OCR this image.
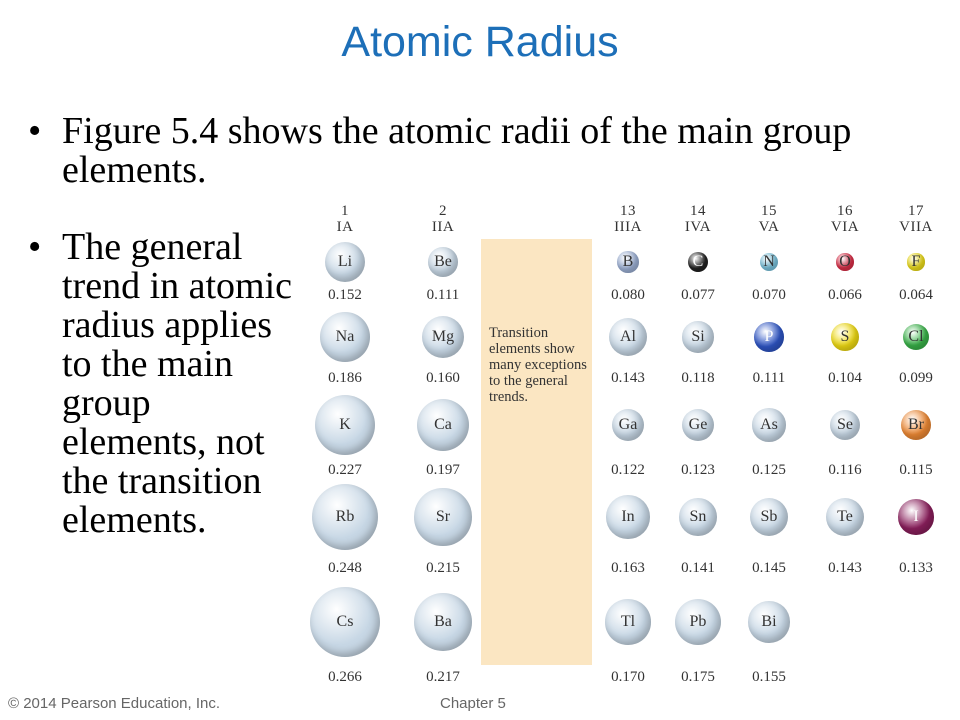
Atomic Radius
• Figure 5.4 shows the atomic radii of the main group elements.
• The general trend in atomic radius applies to the main group elements, not the transition elements.
Transition elements show many exceptions to the general trends.
1
IA
2
IIA
13
IIIA
14
IVA
15
VA
16
VIA
17
VIIA
Li
0.152
Be
0.111
B
0.080
C
0.077
N
0.070
O
0.066
F
0.064
Na
0.186
Mg
0.160
Al
0.143
Si
0.118
P
0.111
S
0.104
Cl
0.099
K
0.227
Ca
0.197
Ga
0.122
Ge
0.123
As
0.125
Se
0.116
Br
0.115
Rb
0.248
Sr
0.215
In
0.163
Sn
0.141
Sb
0.145
Te
0.143
I
0.133
Cs
0.266
Ba
0.217
Tl
0.170
Pb
0.175
Bi
0.155
© 2014 Pearson Education, Inc.	Chapter 5
